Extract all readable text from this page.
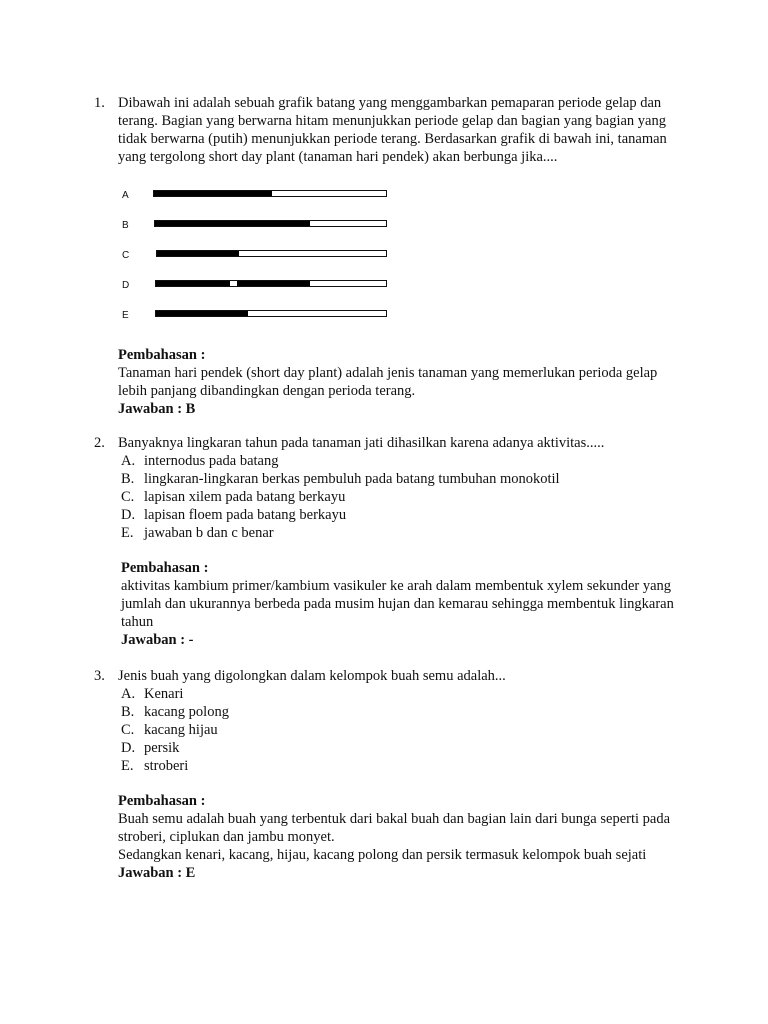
1. Dibawah ini adalah sebuah grafik batang yang menggambarkan pemaparan periode gelap dan terang. Bagian yang berwarna hitam menunjukkan periode gelap dan bagian yang bagian yang tidak berwarna (putih) menunjukkan periode terang. Berdasarkan grafik di bawah ini, tanaman yang tergolong short day plant (tanaman hari pendek) akan berbunga jika....
A
B
C
D
E
Pembahasan :
Tanaman hari pendek (short day plant) adalah jenis tanaman yang memerlukan perioda gelap lebih panjang dibandingkan dengan perioda terang.
Jawaban : B
2. Banyaknya lingkaran tahun pada tanaman jati dihasilkan karena adanya aktivitas.....
A. internodus pada batang
B. lingkaran-lingkaran berkas pembuluh pada batang tumbuhan monokotil
C. lapisan xilem pada batang berkayu
D. lapisan floem pada batang berkayu
E. jawaban b dan c benar
Pembahasan :
aktivitas kambium primer/kambium vasikuler ke arah dalam membentuk xylem sekunder yang jumlah dan ukurannya berbeda pada musim hujan dan kemarau sehingga membentuk lingkaran tahun
Jawaban : -
3. Jenis buah yang digolongkan dalam kelompok buah semu adalah...
A. Kenari
B. kacang polong
C. kacang hijau
D. persik
E. stroberi
Pembahasan :
Buah semu adalah buah yang terbentuk dari bakal buah dan bagian lain dari bunga seperti pada stroberi, ciplukan dan jambu monyet.
Sedangkan kenari, kacang, hijau, kacang polong dan persik termasuk kelompok buah sejati
Jawaban : E
